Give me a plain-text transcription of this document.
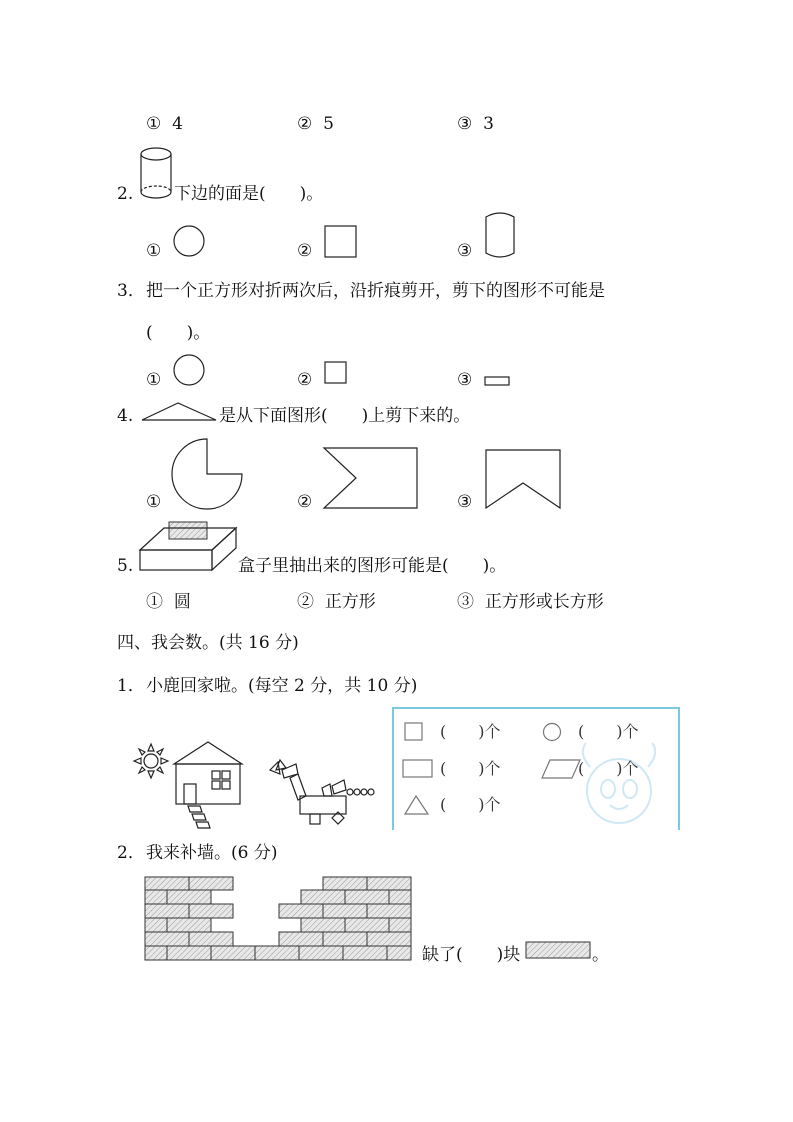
① 4	② 5	③ 3
2. 下边的面是(　　)。
①	②	③
3． 把一个正方形对折两次后，沿折痕剪开，剪下的图形不可能是
(　　)。
①	②	③
4.	是从下面图形(　　)上剪下来的。
①	②	③
5.	盒子里抽出来的图形可能是(　　)。
① 圆	② 正方形	③ 正方形或长方形
四、我会数。(共 16 分)
1． 小鹿回家啦。(每空 2 分，共 10 分)
(　　)个	(　　)个
(　　)个	(　　)个
(　　)个
2． 我来补墙。(6 分)
缺了(　　)块	。
